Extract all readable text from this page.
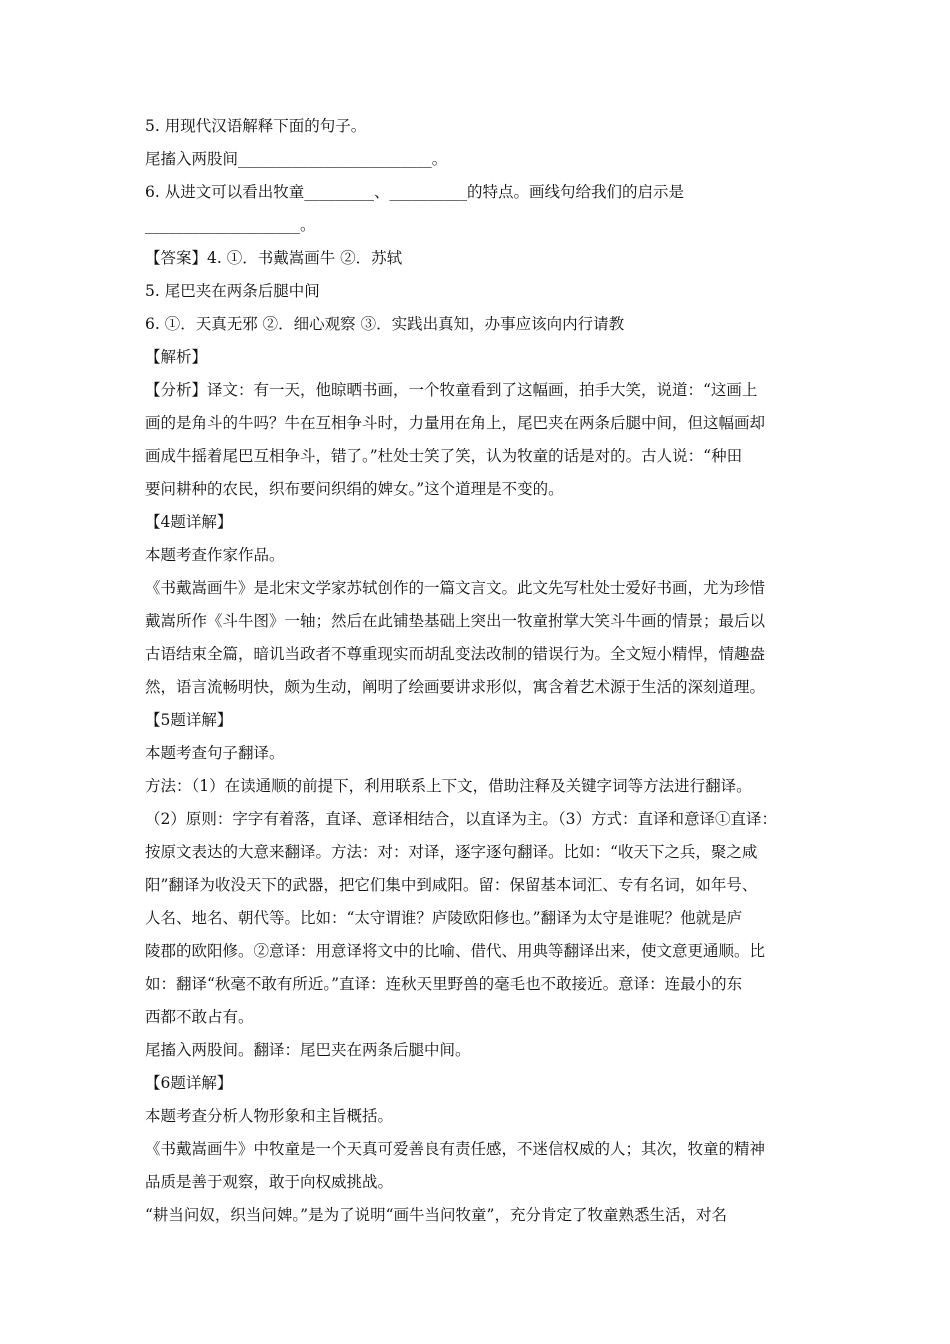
5. 用现代汉语解释下面的句子。
尾搐入两股间_________________________。
6. 从进文可以看出牧童_________、__________的特点。画线句给我们的启示是
____________________。
【答案】4. ①．书戴嵩画牛 ②．苏轼
5. 尾巴夹在两条后腿中间
6. ①．天真无邪 ②．细心观察 ③．实践出真知，办事应该向内行请教
【解析】
【分析】译文：有一天，他晾晒书画，一个牧童看到了这幅画，拍手大笑，说道：“这画上
画的是角斗的牛吗？牛在互相争斗时，力量用在角上，尾巴夹在两条后腿中间，但这幅画却
画成牛摇着尾巴互相争斗，错了。”杜处士笑了笑，认为牧童的话是对的。古人说：“种田
要问耕种的农民，织布要问织绢的婢女。”这个道理是不变的。
【4题详解】
本题考查作家作品。
《书戴嵩画牛》是北宋文学家苏轼创作的一篇文言文。此文先写杜处士爱好书画，尤为珍惜
戴嵩所作《斗牛图》一轴；然后在此铺垫基础上突出一牧童拊掌大笑斗牛画的情景；最后以
古语结束全篇，暗讥当政者不尊重现实而胡乱变法改制的错误行为。全文短小精悍，情趣盎
然，语言流畅明快，颇为生动，阐明了绘画要讲求形似，寓含着艺术源于生活的深刻道理。
【5题详解】
本题考查句子翻译。
方法：（1）在读通顺的前提下，利用联系上下文，借助注释及关键字词等方法进行翻译。
（2）原则：字字有着落，直译、意译相结合，以直译为主。（3）方式：直译和意译①直译：
按原文表达的大意来翻译。方法：对：对译，逐字逐句翻译。比如：“收天下之兵，聚之咸
阳”翻译为收没天下的武器，把它们集中到咸阳。留：保留基本词汇、专有名词，如年号、
人名、地名、朝代等。比如：“太守谓谁？庐陵欧阳修也。”翻译为太守是谁呢？他就是庐
陵郡的欧阳修。②意译：用意译将文中的比喻、借代、用典等翻译出来，使文意更通顺。比
如：翻译“秋毫不敢有所近。”直译：连秋天里野兽的毫毛也不敢接近。意译：连最小的东
西都不敢占有。
尾搐入两股间。翻译：尾巴夹在两条后腿中间。
【6题详解】
本题考查分析人物形象和主旨概括。
《书戴嵩画牛》中牧童是一个天真可爱善良有责任感，不迷信权威的人；其次，牧童的精神
品质是善于观察，敢于向权威挑战。
“耕当问奴，织当问婢。”是为了说明“画牛当问牧童”，充分肯定了牧童熟悉生活，对名
